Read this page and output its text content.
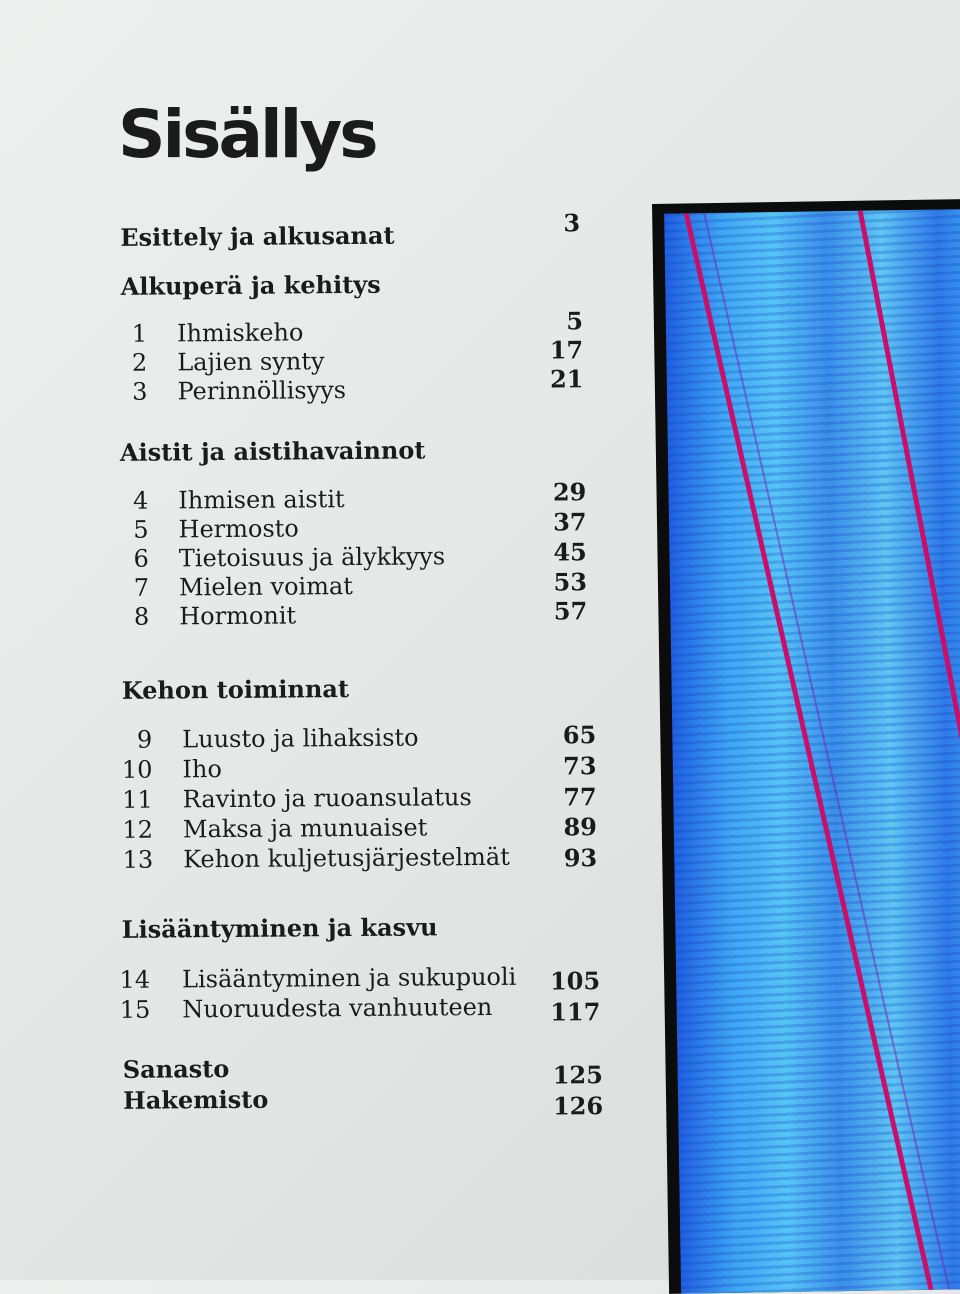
Sisällys
Esittely ja alkusanat	3
Alkuperä ja kehitys
1 Ihmiskeho	5
2 Lajien synty	17
3 Perinnöllisyys	21
Aistit ja aistihavainnot
4 Ihmisen aistit	29
5 Hermosto	37
6 Tietoisuus ja älykkyys	45
7 Mielen voimat	53
8 Hormonit	57
Kehon toiminnat
9 Luusto ja lihaksisto	65
10 Iho	73
11 Ravinto ja ruoansulatus	77
12 Maksa ja munuaiset	89
13 Kehon kuljetusjärjestelmät	93
Lisääntyminen ja kasvu
14 Lisääntyminen ja sukupuoli	105
15 Nuoruudesta vanhuuteen	117
Sanasto	125
Hakemisto	126
